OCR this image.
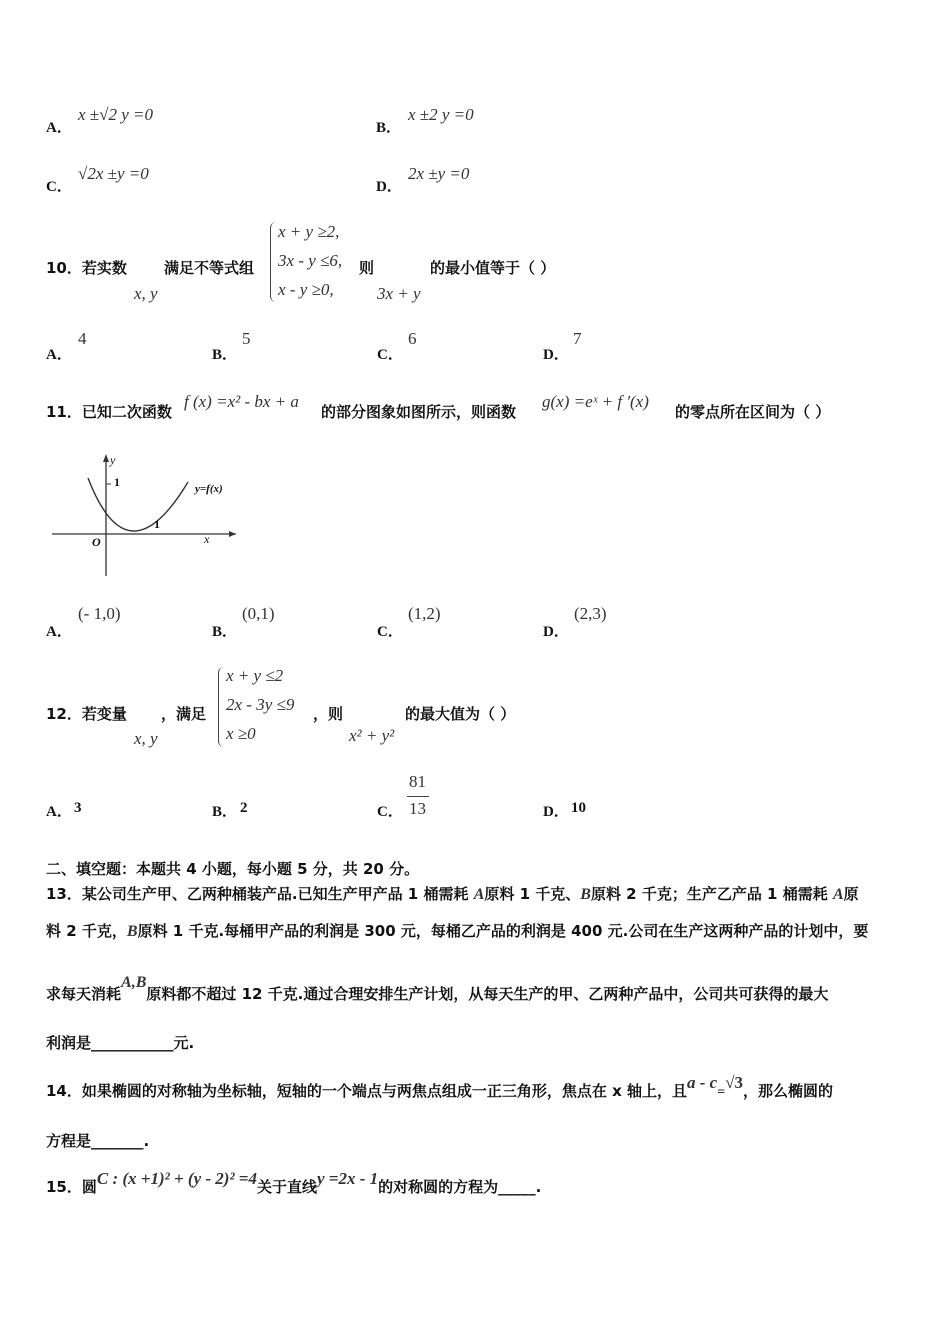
A．
x ±√2 y =0
B．
x ±2 y =0
C．
√2x ±y =0
D．
2x ±y =0
10．若实数
x, y
满足不等式组
x + y ≥2,
3x - y ≤6,
x - y ≥0,
则
3x + y
的最小值等于（ ）
A．
4
B．
5
C．
6
D．
7
11．已知二次函数
f (x) =x² - bx + a
的部分图象如图所示，则函数
g(x) =eˣ + f '(x)
的零点所在区间为（ ）
y
x
O
1
1
y=f(x)
A．
(- 1,0)
B．
(0,1)
C．
(1,2)
D．
(2,3)
12．若变量
x, y
，满足
x + y ≤2
2x - 3y ≤9
x ≥0
，则
x² + y²
的最大值为（ ）
A． 3	B． 2	C．
81
13	D． 10
二、填空题：本题共 4 小题，每小题 5 分，共 20 分。
13．某公司生产甲、乙两种桶装产品.已知生产甲产品 1 桶需耗 A原料 1 千克、B原料 2 千克；生产乙产品 1 桶需耗 A原
料 2 千克，B原料 1 千克.每桶甲产品的利润是 300 元，每桶乙产品的利润是 400 元.公司在生产这两种产品的计划中，要
求每天消耗A,B原料都不超过 12 千克.通过合理安排生产计划，从每天生产的甲、乙两种产品中，公司共可获得的最大
利润是___________元.
14．如果椭圆的对称轴为坐标轴，短轴的一个端点与两焦点组成一正三角形，焦点在 x 轴上，且a - c=√3，那么椭圆的
方程是_______.
15．圆C : (x +1)² + (y - 2)² =4关于直线y =2x - 1的对称圆的方程为_____.
